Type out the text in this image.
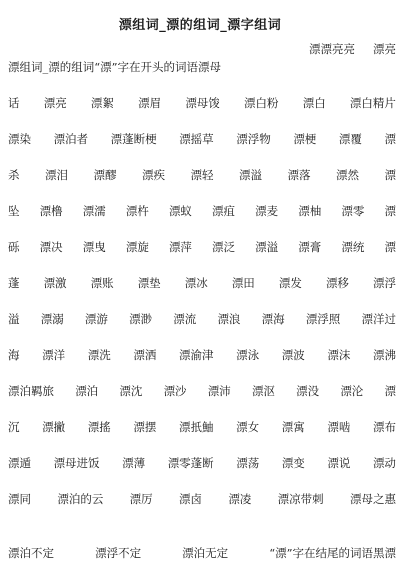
漂组词_漂的组词_漂字组词
漂漂亮亮 漂亮
漂组词_漂的组词“漂”字在开头的词语漂母
话 漂亮 漂絮 漂眉 漂母馂 漂白粉 漂白 漂白精片
漂染 漂泊者 漂蓬断梗 漂摇草 漂浮物 漂梗 漂覆 漂
杀 漂泪 漂醪 漂疾 漂轻 漂溢 漂落 漂然 漂
坠 漂橹 漂濡 漂杵 漂蚁 漂疽 漂麦 漂柚 漂零 漂
砾 漂决 漂曳 漂旋 漂萍 漂泛 漂溢 漂膏 漂统 漂
蓬 漂激 漂账 漂垫 漂冰 漂田 漂发 漂移 漂浮
溢 漂溺 漂游 漂渺 漂流 漂浪 漂海 漂浮照 漂洋过
海 漂洋 漂洗 漂洒 漂渝津 漂泳 漂波 漂沫 漂沸
漂泊羁旅 漂泊 漂沈 漂沙 漂沛 漂沤 漂没 漂沦 漂
沉 漂撇 漂搖 漂摆 漂扺鮋 漂女 漂寓 漂啮 漂布
漂遁 漂母进饭 漂薄 漂零蓬断 漂荡 漂变 漂说 漂动
漂同 漂泊的云 漂厉 漂卤 漂凌 漂凉带刺 漂母之惠
漂泊不定	漂浮不定	漂泊无定	“漂”字在结尾的词语黑漂
